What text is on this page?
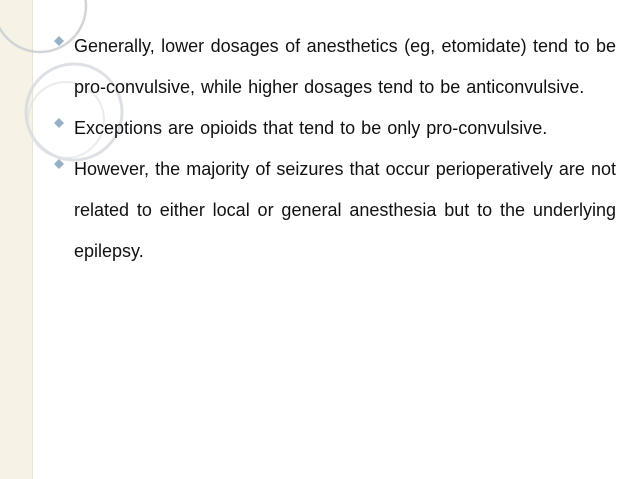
Generally, lower dosages of anesthetics (eg, etomidate) tend to be pro-convulsive, while higher dosages tend to be anticonvulsive.
Exceptions are opioids that tend to be only pro-convulsive.
However, the majority of seizures that occur perioperatively are not related to either local or general anesthesia but to the underlying epilepsy.
